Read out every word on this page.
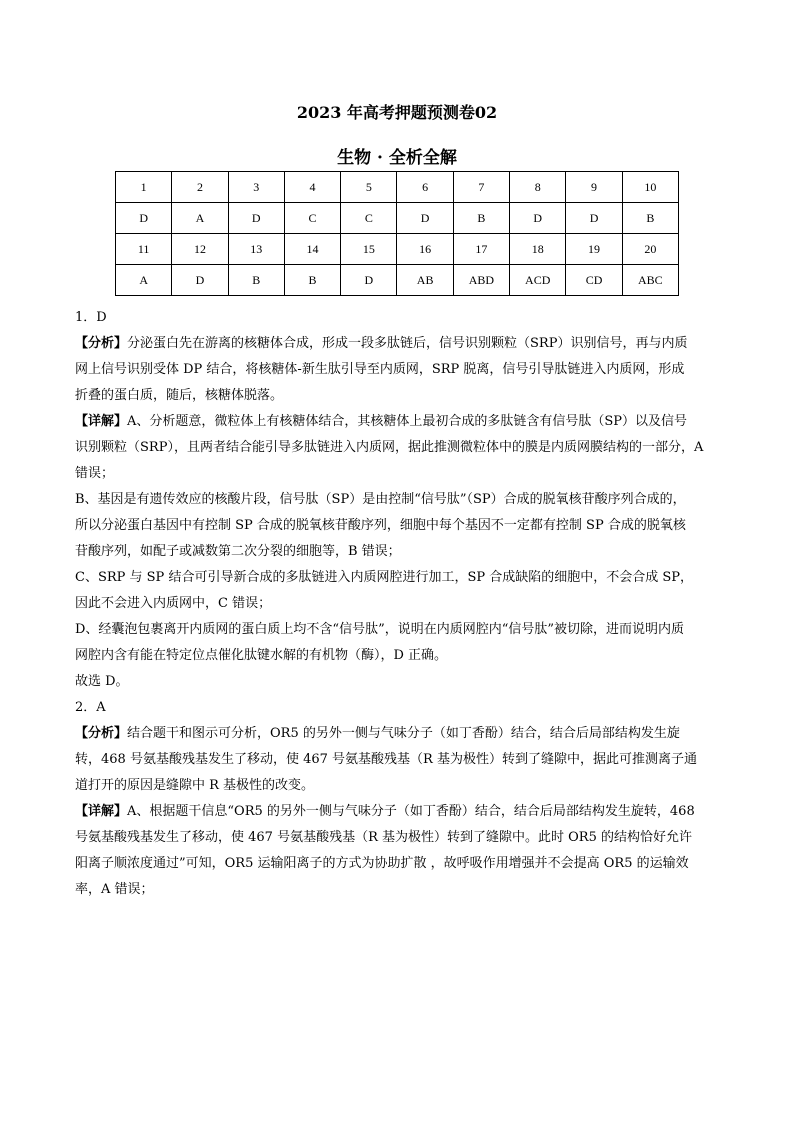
2023 年高考押题预测卷02
生物 · 全析全解
1	2	3	4	5	6	7	8	9	10
D	A	D	C	C	D	B	D	D	B
11	12	13	14	15	16	17	18	19	20
A	D	B	B	D	AB	ABD	ACD	CD	ABC

1．D

【分析】分泌蛋白先在游离的核糖体合成，形成一段多肽链后，信号识别颗粒（SRP）识别信号，再与内质

网上信号识别受体 DP 结合，将核糖体-新生肽引导至内质网，SRP 脱离，信号引导肽链进入内质网，形成

折叠的蛋白质，随后，核糖体脱落。

【详解】A、分析题意，微粒体上有核糖体结合，其核糖体上最初合成的多肽链含有信号肽（SP）以及信号

识别颗粒（SRP），且两者结合能引导多肽链进入内质网，据此推测微粒体中的膜是内质网膜结构的一部分，A

错误；

B、基因是有遗传效应的核酸片段，信号肽（SP）是由控制“信号肽”（SP）合成的脱氧核苷酸序列合成的，

所以分泌蛋白基因中有控制 SP 合成的脱氧核苷酸序列，细胞中每个基因不一定都有控制 SP 合成的脱氧核

苷酸序列，如配子或减数第二次分裂的细胞等，B 错误；

C、SRP 与 SP 结合可引导新合成的多肽链进入内质网腔进行加工，SP 合成缺陷的细胞中，不会合成 SP，

因此不会进入内质网中，C 错误；

D、经囊泡包裹离开内质网的蛋白质上均不含“信号肽”，说明在内质网腔内“信号肽”被切除，进而说明内质

网腔内含有能在特定位点催化肽键水解的有机物（酶），D 正确。

故选 D。

2．A

【分析】结合题干和图示可分析，OR5 的另外一侧与气味分子（如丁香酚）结合，结合后局部结构发生旋

转，468 号氨基酸残基发生了移动，使 467 号氨基酸残基（R 基为极性）转到了缝隙中，据此可推测离子通

道打开的原因是缝隙中 R 基极性的改变。

【详解】A、根据题干信息“OR5 的另外一侧与气味分子（如丁香酚）结合，结合后局部结构发生旋转，468

号氨基酸残基发生了移动，使 467 号氨基酸残基（R 基为极性）转到了缝隙中。此时 OR5 的结构恰好允许

阳离子顺浓度通过”可知，OR5 运输阳离子的方式为协助扩散 ，故呼吸作用增强并不会提高 OR5 的运输效

率，A 错误；
